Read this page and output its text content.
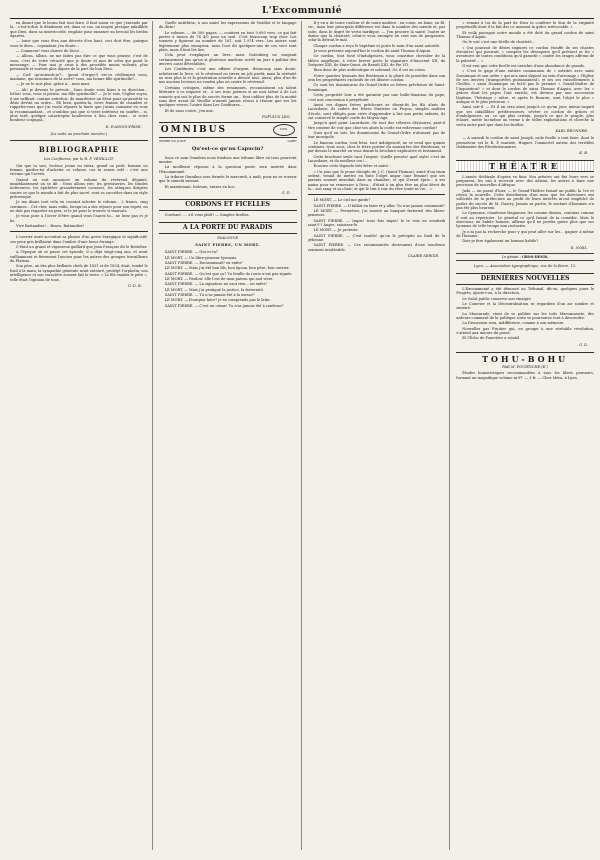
L'Excommunié

en disant que le bossu fait tout faire, il faut saisir ce que j'entends par là... c'est-à-dire le dénûment est, dans ce cas, un moyen presque infaillible que Dieu, dans sa miséricorde, emploie pour ramener au bercail les brebis égarées.

— Ionie que vous êtes aux décrets d'en haut, ceci doit être, puisque vous le dites... cependant j'en doute...

— Comment! vous doutez de Dieu!...

— Allons, allons, ne me faites pas dire ce que vous pensez; c'est de vous, c'est de votre véracité que je doute et non de celui qui punit le mensonge. — Pour moi je crois à des procédés moins violents, plus persuasifs et surtout plus dignes de la part du bon Dieu.

— Ciel! qu'entends-je?... (point d'orgue!) est-ce réellement vous, madame, qui raisonnez de la sorte? vous, ma bonne fille spirituelle?...

— Je ne le suis plus, grâce à... mon mari.

— Ah! je devrais le prévoir... Sans doute vous lisiez à sa direction... hélas! vous, vous si pieuse, ma fille spirituelle? — Je le vois, l'église soyez, il me suffirait, comme autrefois, de manifester un désir pour qu'aussitôt ce désir devint un ordre... Eh bien, gardez-la, votre femme de chambre et rappelez-vous que j'ai voulu réparer la faute que j'avais commise en vous la recommandant... et n'oubliez pas que si votre intérieur en souffre... si, plus tard, quelque catastrophe bouleverse à lieu chez vous... si votre bonheur conjugal...

E. D'ANGOUPRISE.
(La suite au prochain numéro.)
BIBLIOGRAPHIE
Les Confitures, par le R. P. VENILLOT.

Qui que tu sois, lecteur, jeune ou vieux, grand ou petit, homme ou femme, gardez-toi d'acheter ce volume, car tu serais volé : c'est une victime qui l'averti.

Quand on voit annoncer un volume du révérend déquiné, immédiatement on se dit : Nous allons rire; les grivoiseries, les tirades indécentes, les épithètes grossièrement cocasses, les attaques dirigées contre ce que le monde a fait de plus sacré, vont se succéder dans un style pittoresque.

Je me disais tout cela en courant acheter le volume... 2 francs, cinq centimes... Cet cher, mais enfin, lorsqu'on a des séjours pour son esprit, on ne doit pas regarder au prix, et le jet pour le trouver si mauvais.

Je vous pose à l'ocrer d'être quand vous l'aurez lu... ne lisez pas et je lis.

Vive Battandier!... Bravo, Battandier!

L'ouvrier avait accentué sa phrase d'un geste énergique et significatif; ces yeux gris brillaient dans l'ombre d'une lueur étrange.

C'était un grand et vigoureux gaillard que Jean François dit le Bottelier.

A l'époque où se passe cet épisode, il a déjà vingt-cinq ans, et avait vaillamment et fièrement l'ancien pour les autres des groupes travailleurs du Plateau.

Son père, un des plus brillants chefs de 1831 et de 1834, était, tombé le fusil à la main; la sympathie générale avait entouré, protégé l'orphelin; son intelligence et son caractère avaient fait le reste. « Le fils vaudra le père », telle était l'opinion de tous.

G.-D. B.

Quelle antithèse, à nos amis! les expressions de Veuillot et le langage du divin!

Le volume, — de 300 pages, — contient en tout 9,000 vers, ce qui fait porter à raison de 76 4/5 pour un seul. C'est beaucoup trop cher. Les sonnets y figurent au nombre de 161, soit 1,974 vers. Les autres sont légèrement plus ennuyeux, nous l'ont dit quelques-uns de ces vers sont plats, mais il faut les lire.

Cela peut s'expliquer un livre, mais Gutenberg ne songeait certainement pas qu'un si glorieuse machine servît un jour à publier des œuvres aussi détestables.

Les Confitures, c'est une affaire d'argent. Beaucoup sans doute, achèteront le livre, et le révérend en tirera un joli profit; mais la sérénité ne sera plus là et la génération actuelle a dévoré tout. Aussi, plus d'un de nos anciens lecteurs ne voudra plus en croire le révérend.

Certains critiques, même des renommés, reconnaissent un talent littéraire à ce niquiste et... à ses trois poèmes si un mot talent à de Les sonnets qui ont le plus de succès forme un... font oublier plus de la moitié sans dire avant de Veuillot n'aurait jamais réussi à réussir que ses les quelques verres, l'autre dans Les Confitures...

Et de nous croire, j'en mis.

POPULUS LEO.
OMNIBUS	LYON
ORDRE DU JOUR	GARE
Qu'est-ce qu'un Capucin?

Sous ce nom Omnibus nous fondons une tribune libre où tous pourront monter.

La meilleure réponse à la question posée sera insérée dans l'Excommunié.

La tribune Omnibus sera fermée le mercredi, à midi, pour ne se rouvrir que le samedi suivant.

Et maintenant, lutteurs, entrez en lice.

G. D.
CORDONS ET FICELLES

Cordons!..... s'il vous plaît? — Simples ficelles.

A LA PORTE DU PARADIS
DIALOGUE
SAINT PIERRE, UN MORT.

SAINT PIERRE. — Qui es-tu?

LE MORT. — Un libre-penseur lyonnais.

SAINT PIERRE. — Excommunié? en enfer!

LE MORT. — Mais j'ai été bon fils, bon époux, bon père, bon ouvrier.

SAINT PIERRE. — Qu'est que ça? Tu feuille de route n'est pas signée.

LE MORT. — Pardon! elle l'est de mon patron qui sait vivre.

SAINT PIERRE. — La signature ne vaut rien... en enfer!

LE MORT. — Mais j'ai pratiqué la justice, la fraternité.

SAINT PIERRE. — Tu n'as jamais été à la messe?

LE MORT. — Pourquoi faire? je ne comprends pas le latin.

SAINT PIERRE. — C'est un crime! Tu n'as jamais été à confesse?

Il y en a de toute couleur et de toute matière : en coton, en laine, en fil, etc.; mais leur principale différence est dans le nombre des nœuds et, par suite, dans le degré de vertu mirifique. — J'en procure la santé, l'autre ne donne que la chasteté; celui-ci vous exempte en cent ans de purgatoire, celui-là détruit le mal.

Chaque cordon a reçu le baptême et porte le nom d'un saint autorité.

Je vous présente aujourd'hui le cordon de saint Thomas d'Aquin.

Ce cordon, tout tissé d'indulgences, vous constitue chevalier de la Milice angélique, à votre brevet porte la signature d'Innocent XII, de Grégoire XIII, de Sixte-Quint, de Benoît XIII, de Pie VII.

Rien donc de plus authentique et solennel. Or, il est en coton.

Notre quartier lyonnais des Brotteaux a la gloire de posséder dans son sein les propriétaires exclusifs de cet illustre cordon.

Ce sont les dominicains du Grand-Ordre ou frères prêcheurs de Saint-Dominique.

Cette propriété leur a été garantie par une bulle-donation du pape; c'est une concession à perpétuité.

Aussi ces dignes frères prêcheurs se disent-ils les fils aînés de Lacordaire; ils cadets des frères Maristes ou Picpus, simples maîtres d'école, sont obligés pour vivre d'apprendre à lire aux petits enfants; ils ont conservé le simple corde du Moyen-Age.

Jusqu'à quel point Lacordaire, de tout des célestes dérisoires, peut-il être content de voir que chez ses aînés la corde est redevenue cordon?

Quoi qu'il en soit, les dominicains du Grand-Ordre n'abusent pas de leur monopole.

Le fameux cordon, tout béni, tout indulgencié, ne se vend que quinze centimes, trois sous, chez le frère portier du monastère des Brotteaux; et par-dessus le marché on vous donne la brochure explicative et testament.

Cette brochure seule vaut l'argent. Quelle pensée! quel style! c'est du Lacordaire, et du meilleur cru!...

Écoutez cette légende très-frère et naïve :

« Un jour que le jeune disciple de J.-C. (Saint-Thomas), armé d'un tison ardent, venait de mettre en fuite l'objet impur (une femme) que ses parents avaient introduit dans sa chambre, et qui il'avait épris... à ses mains pour en remercier à Dieu... il'était à un plus être un plus dévot de la... son sang et sa chair; et qui le tint à voir du rêve toute sa vie... »

LE MORT. — Le ciel me garde?

SAINT PIERRE. — Il fallait en faire et y aller. Tu n'as jamais communié?

LE MORT. — Permettez, j'ai assisté au banquet fraternel des libres-penseurs.

SAINT PIERRE. — Impie! trois fois impie! le te vois en vendredi saint!!!! Anges, saisissez-le.

LE MORT. — Je proteste.

SAINT PIERRE. — C'est inutile! qu'on le précipite au fond de la géhenne.

SAINT PIERRE. — Ces excommuniés deviennent d'une insolence vraiment intolérable.

CLAIRE SERGIE.

« venons à toi de la part de Dieu te conférer le don de la virginité perpétuelle dont il te fait des ce moment la grâce irrévocable. »

Et voilà pourquoi notre monde a été doté du grand cordon de saint Thomas d'Aquin.

On le voit c'est une ficelle de chasteté...

« Qui pourrait de désirs impures ce cordon étouffe de ses chastes étreintes! qui pourrait, « compter les désespoirs qu'il prévient et les « aventures de toutes conditions qu'il garantit « contre les orages affreux de la puberté!... »

Il est vrai que cette ficelle est enrichie d'une abondance de grands.

« C'est le gage d'une entière communion de « mérites avec saint Dominique et son ordre « qui m'a ainsi déposé au sein d'arrosage « l'Eglise de ses œuvres (transportées puissamment), et ses ses ruissellements à Chelles, « saint Dominique ne fut-il pas le premier « Grand-Maître de l'Inquisition? » et dont le cordon de saint Thomas d'Aquin, avec les « grâces dont les papes l'ont enrichi, est devenu par une succession légitime, l'héritage « nôtre, et après le Rosaire, sont l'objet le plus « antique et le plus précieux. »

Ainsi soit-il. — Et il en sera ainsi jusqu'à ce qu'un jour, mieux inspiré que ses infaillibles prédécesseurs, sévère ce cordon de grâces et d'indulgences, ou, ce qui plus certain, jusqu'à ce que le peuple, plus éclairé, mette lui-même un terme à de telles exploitations et cherche la vertu autre part que dans les ficelles.

KARL BRUNNER.

— A samedi le cordon de saint Joseph, rude ficelle à tout faire, dont le promoteur est le R. P. mariste, Huguet, l'immortel auteur des terribles châtiments des Révolutionnaires.

K. B.
THÉATRE

L'année théâtrale d'opéra va finir. Nos artistes ont fini leurs vers se préparent, les uns à recevoir avec des adieux, les autres à faire une provision de nouvelles d'Afrique.

Jada — un passé d'hier, — le Grand-Théâtre faisait un public la 1re et réussi la nouvelle. Cette distribution d'un mois que les directeurs ont sollicités de la préfecture au profit de leurs intérêts m'ont empêché de parler du succès de M. Dautry. Jamais sa partie, le sentant d'hommes n'a pas été plus heureux.

Le Gymnase, chanteuse Hagnauer, les comme disions, continue comme il suit au répertoire. Le général ce qu'il faisait de la comédie. Mais le directeur, un habile homme, affirme qu'il ne perdra guère plus que ses lyonnais de telle troupe aux cinéastes.

Je n'ai pas la recherche pour y qui peut aller sur les... gagner à même de l'homme.

Dois-je être également un homme habile?

E. NOEL.
Le gérant : GROS-DENIS.
Lyon. — Association typographique, rue de la Barre, 12.
DERNIÈRES NOUVELLES

L'Excommunié a été dénoncé au Tribunal, dit-on, quelques jours le Progrès, ajoute-t-on, à la direction.

Le Salut public conserve son vinaigre.

Le Courrier et la Décentralisation se regardent d'un air sombre et sinistre.

La Mascarade, vient de se publier sur les toits Marvanassite, des ardeurs comment de la publique sorte se poursuivre tout à descendre.

La Discussion sera, indifférente, comme à son mémoire.

Nouvelles pas Fruitier qui, en groupe à une véritable révolution, s'attend aux mœurs du passé.

Et l'Écho de Fourvière a rotatif.

G. D.
TOHU-BOHU
PAR M. FOURTICHE (E.)

Études humoristiques recommandées à tous les libres penseurs, formant un magnifique volume in-8º. — 3 fr. — Chez Méra, à Lyon.
